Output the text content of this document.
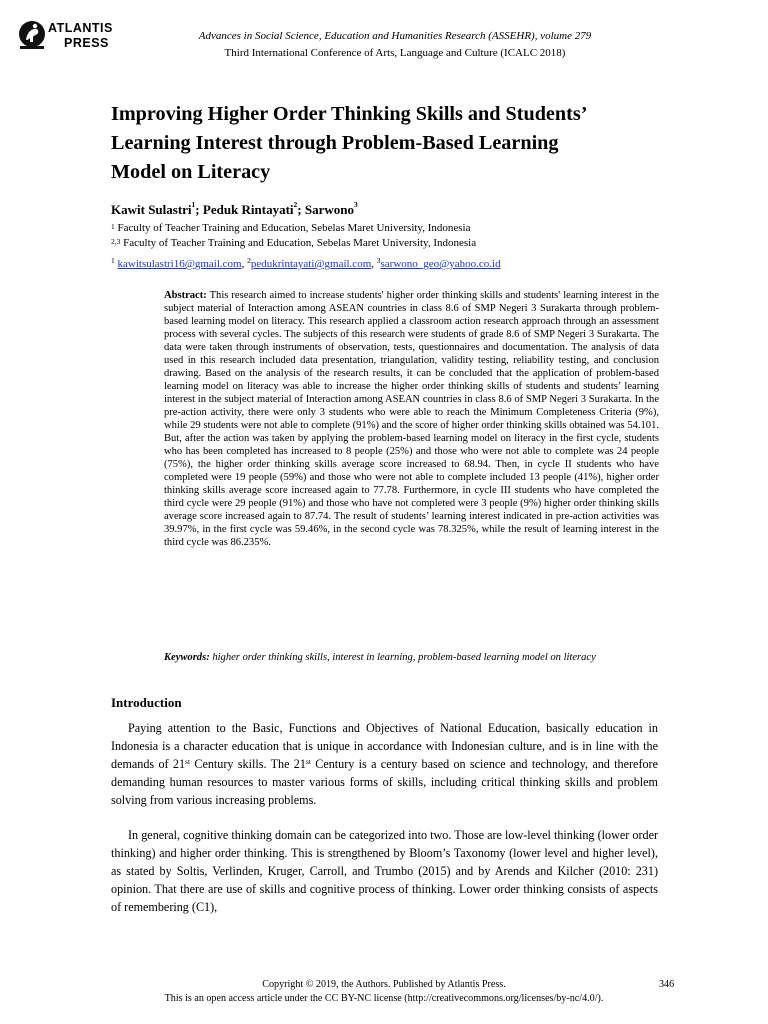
ATLANTIS
PRESS	Advances in Social Science, Education and Humanities Research (ASSEHR), volume 279
Third International Conference of Arts, Language and Culture (ICALC 2018)
Improving Higher Order Thinking Skills and Students’
Learning Interest through Problem-Based Learning
Model on Literacy
Kawit Sulastri$^1$; Peduk Rintayati$^2$; Sarwono$^3$
$^1$ Faculty of Teacher Training and Education, Sebelas Maret University, Indonesia
$^{2,3}$ Faculty of Teacher Training and Education, Sebelas Maret University, Indonesia
$^1$ kawitsulastri16@gmail.com, $^2$pedukrintayati@gmail.com, $^3$sarwono_geo@yahoo.co.id
Abstract: This research aimed to increase students' higher order thinking skills and students' learning interest in the subject material of Interaction among ASEAN countries in class 8.6 of SMP Negeri 3 Surakarta through problem-based learning model on literacy. This research applied a classroom action research approach through an assessment process with several cycles. The subjects of this research were students of grade 8.6 of SMP Negeri 3 Surakarta. The data were taken through instruments of observation, tests, questionnaires and documentation. The analysis of data used in this research included data presentation, triangulation, validity testing, reliability testing, and conclusion drawing. Based on the analysis of the research results, it can be concluded that the application of problem-based learning model on literacy was able to increase the higher order thinking skills of students and students’ learning interest in the subject material of Interaction among ASEAN countries in class 8.6 of SMP Negeri 3 Surakarta. In the pre-action activity, there were only 3 students who were able to reach the Minimum Completeness Criteria (9%), while 29 students were not able to complete (91%) and the score of higher order thinking skills obtained was 54.101. But, after the action was taken by applying the problem-based learning model on literacy in the first cycle, students who has been completed has increased to 8 people (25%) and those who were not able to complete was 24 people (75%), the higher order thinking skills average score increased to 68.94. Then, in cycle II students who have completed were 19 people (59%) and those who were not able to complete included 13 people (41%), higher order thinking skills average score increased again to 77.78. Furthermore, in cycle III students who have completed the third cycle were 29 people (91%) and those who have not completed were 3 people (9%) higher order thinking skills average score increased again to 87.74. The result of students’ learning interest indicated in pre-action activities was 39.97%, in the first cycle was 59.46%, in the second cycle was 78.325%, while the result of learning interest in the third cycle was 86.235%.
Keywords: higher order thinking skills, interest in learning, problem-based learning model on literacy
Introduction
Paying attention to the Basic, Functions and Objectives of National Education, basically education in Indonesia is a character education that is unique in accordance with Indonesian culture, and is in line with the demands of 21st Century skills. The 21st Century is a century based on science and technology, and therefore demanding human resources to master various forms of skills, including critical thinking skills and problem solving from various increasing problems.
In general, cognitive thinking domain can be categorized into two. Those are low-level thinking (lower order thinking) and higher order thinking. This is strengthened by Bloom’s Taxonomy (lower level and higher level), as stated by Soltis, Verlinden, Kruger, Carroll, and Trumbo (2015) and by Arends and Kilcher (2010: 231) opinion. That there are use of skills and cognitive process of thinking. Lower order thinking consists of aspects of remembering (C1),
Copyright © 2019, the Authors. Published by Atlantis Press.
This is an open access article under the CC BY-NC license (http://creativecommons.org/licenses/by-nc/4.0/).
346
